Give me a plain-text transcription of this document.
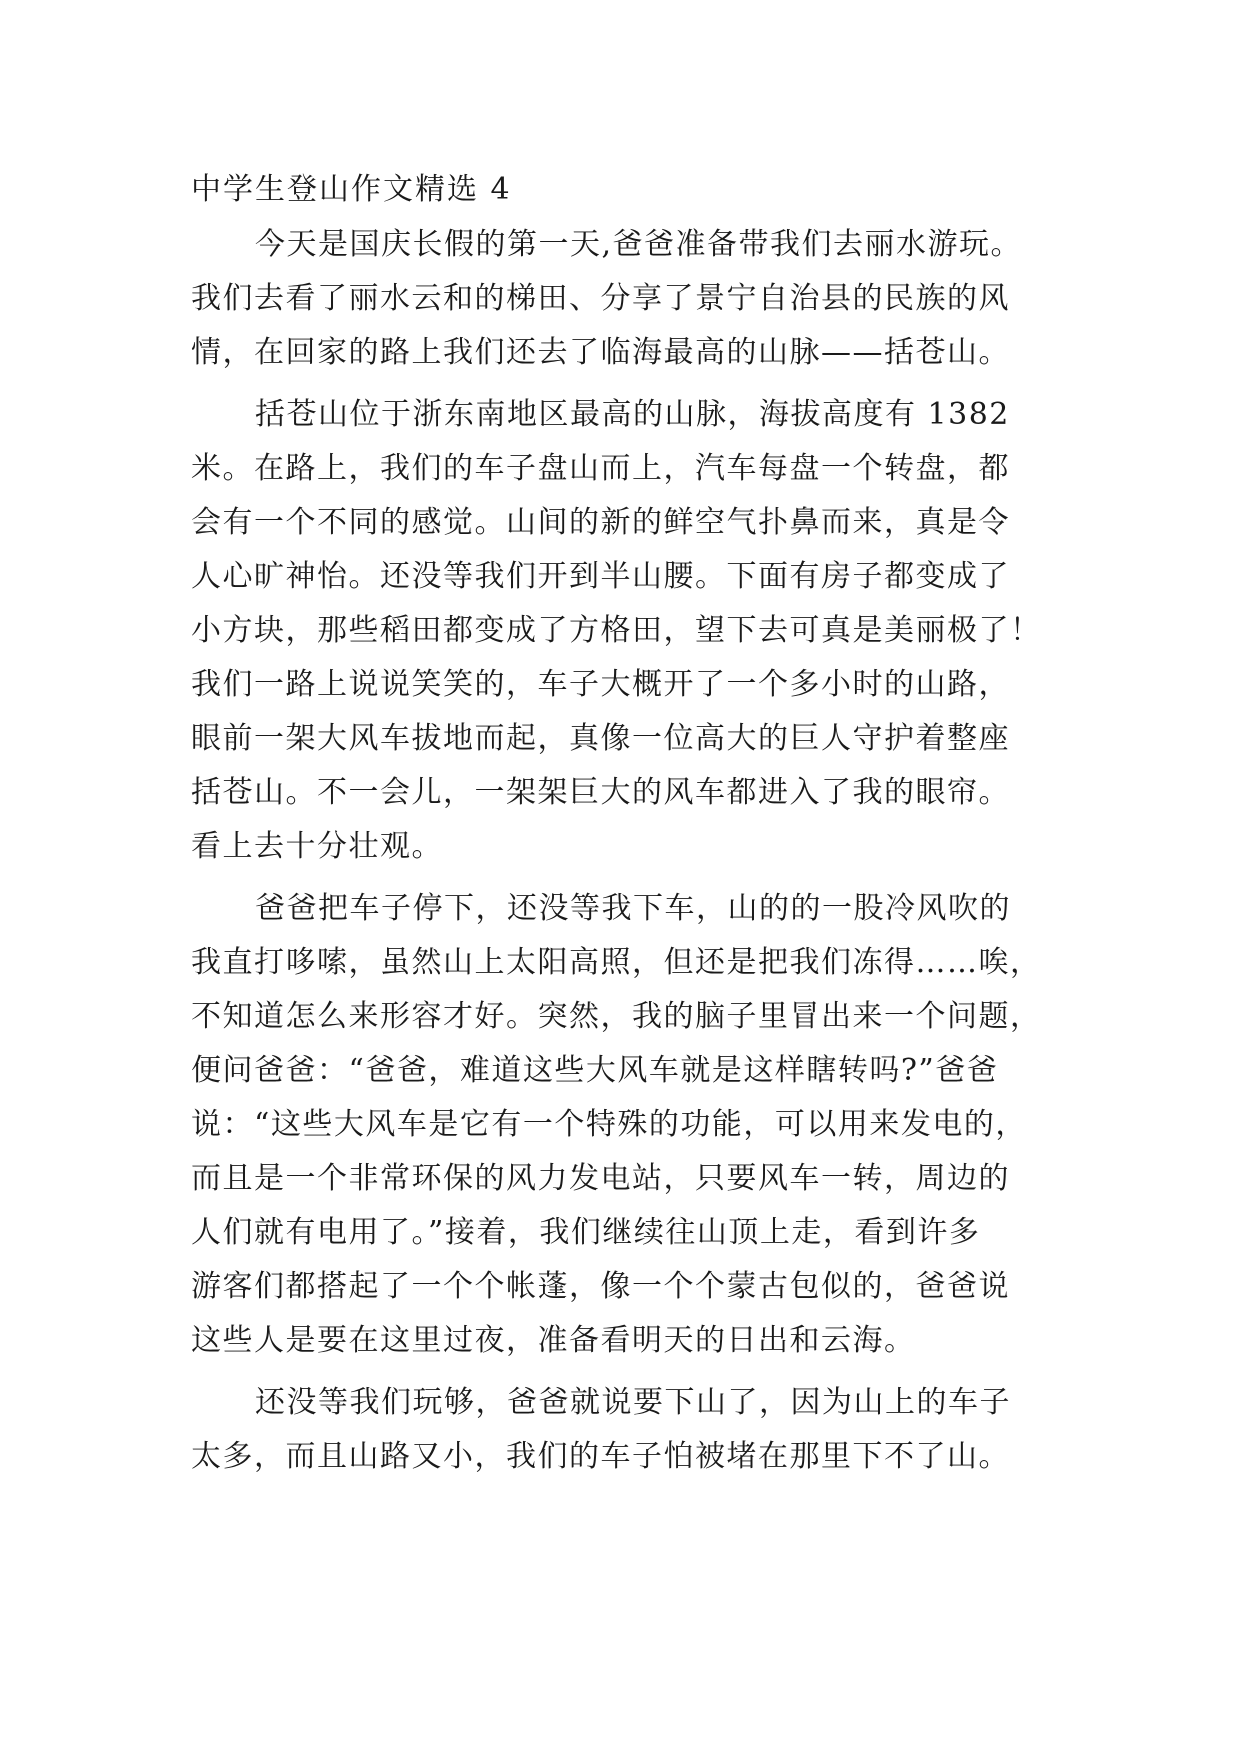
中学生登山作文精选 4
今天是国庆长假的第一天,爸爸准备带我们去丽水游玩。
我们去看了丽水云和的梯田、分享了景宁自治县的民族的风
情，在回家的路上我们还去了临海最高的山脉——括苍山。
括苍山位于浙东南地区最高的山脉，海拔高度有 1382
米。在路上，我们的车子盘山而上，汽车每盘一个转盘，都
会有一个不同的感觉。山间的新的鲜空气扑鼻而来，真是令
人心旷神怡。还没等我们开到半山腰。下面有房子都变成了
小方块，那些稻田都变成了方格田，望下去可真是美丽极了！
我们一路上说说笑笑的，车子大概开了一个多小时的山路，
眼前一架大风车拔地而起，真像一位高大的巨人守护着整座
括苍山。不一会儿，一架架巨大的风车都进入了我的眼帘。
看上去十分壮观。
爸爸把车子停下，还没等我下车，山的的一股冷风吹的
我直打哆嗦，虽然山上太阳高照，但还是把我们冻得……唉，
不知道怎么来形容才好。突然，我的脑子里冒出来一个问题，
便问爸爸：“爸爸，难道这些大风车就是这样瞎转吗?”爸爸
说：“这些大风车是它有一个特殊的功能，可以用来发电的，
而且是一个非常环保的风力发电站，只要风车一转，周边的
人们就有电用了。”接着，我们继续往山顶上走，看到许多
游客们都搭起了一个个帐蓬，像一个个蒙古包似的，爸爸说
这些人是要在这里过夜，准备看明天的日出和云海。
还没等我们玩够，爸爸就说要下山了，因为山上的车子
太多，而且山路又小，我们的车子怕被堵在那里下不了山。
